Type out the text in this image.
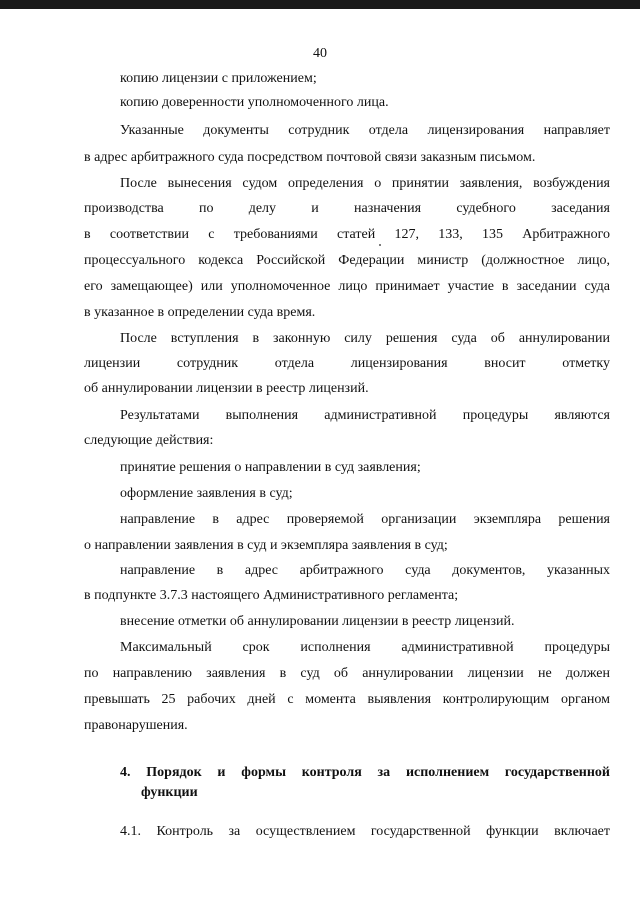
40
копию лицензии с приложением;
копию доверенности уполномоченного лица.
Указанные документы сотрудник отдела лицензирования направляет
в адрес арбитражного суда посредством почтовой связи заказным письмом.
После вынесения судом определения о принятии заявления, возбуждения
производства по делу и назначения судебного заседания
в соответствии с требованиями статей 127, 133, 135 Арбитражного
процессуального кодекса Российской Федерации министр (должностное лицо,
его замещающее) или уполномоченное лицо принимает участие в заседании суда
в указанное в определении суда время.
После вступления в законную силу решения суда об аннулировании
лицензии сотрудник отдела лицензирования вносит отметку
об аннулировании лицензии в реестр лицензий.
Результатами выполнения административной процедуры являются
следующие действия:
принятие решения о направлении в суд заявления;
оформление заявления в суд;
направление в адрес проверяемой организации экземпляра решения
о направлении заявления в суд и экземпляра заявления в суд;
направление в адрес арбитражного суда документов, указанных
в подпункте 3.7.3 настоящего Административного регламента;
внесение отметки об аннулировании лицензии в реестр лицензий.
Максимальный срок исполнения административной процедуры
по направлению заявления в суд об аннулировании лицензии не должен
превышать 25 рабочих дней с момента выявления контролирующим органом
правонарушения.
4. Порядок и формы контроля за исполнением государственной
функции
4.1. Контроль за осуществлением государственной функции включает
